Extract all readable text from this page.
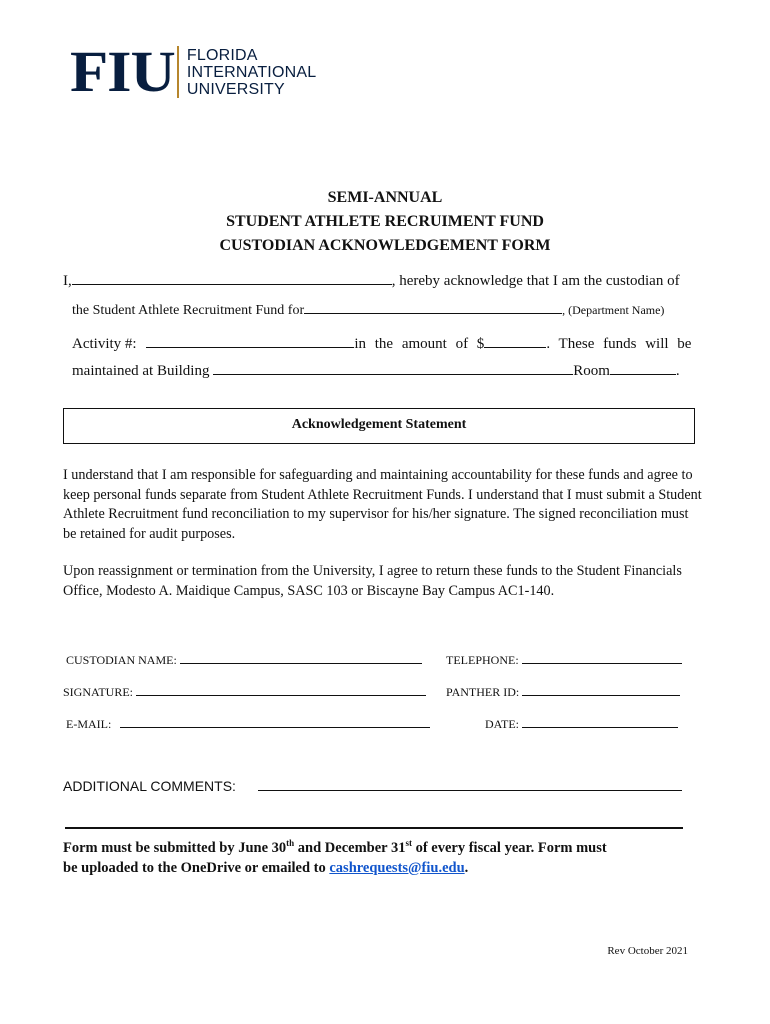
FIU FLORIDA
INTERNATIONAL
UNIVERSITY
SEMI-ANNUAL
STUDENT ATHLETE RECRUIMENT FUND
CUSTODIAN ACKNOWLEDGEMENT FORM
I,	, hereby acknowledge that I am the custodian of
the Student Athlete Recruitment Fund for	, (Department Name)
Activity #:	in the amount of $	. These funds will be
maintained at Building	Room	.
Acknowledgement Statement
I understand that I am responsible for safeguarding and maintaining accountability for these funds and agree to keep personal funds separate from Student Athlete Recruitment Funds. I understand that I must submit a Student Athlete Recruitment fund reconciliation to my supervisor for his/her signature. The signed reconciliation must be retained for audit purposes.
Upon reassignment or termination from the University, I agree to return these funds to the Student Financials Office, Modesto A. Maidique Campus, SASC 103 or Biscayne Bay Campus AC1-140.
CUSTODIAN NAME:	TELEPHONE:
SIGNATURE:	PANTHER ID:
E-MAIL:	DATE:
ADDITIONAL COMMENTS:
Form must be submitted by June 30th and December 31st of every fiscal year. Form must
be uploaded to the OneDrive or emailed to cashrequests@fiu.edu.
Rev October 2021
